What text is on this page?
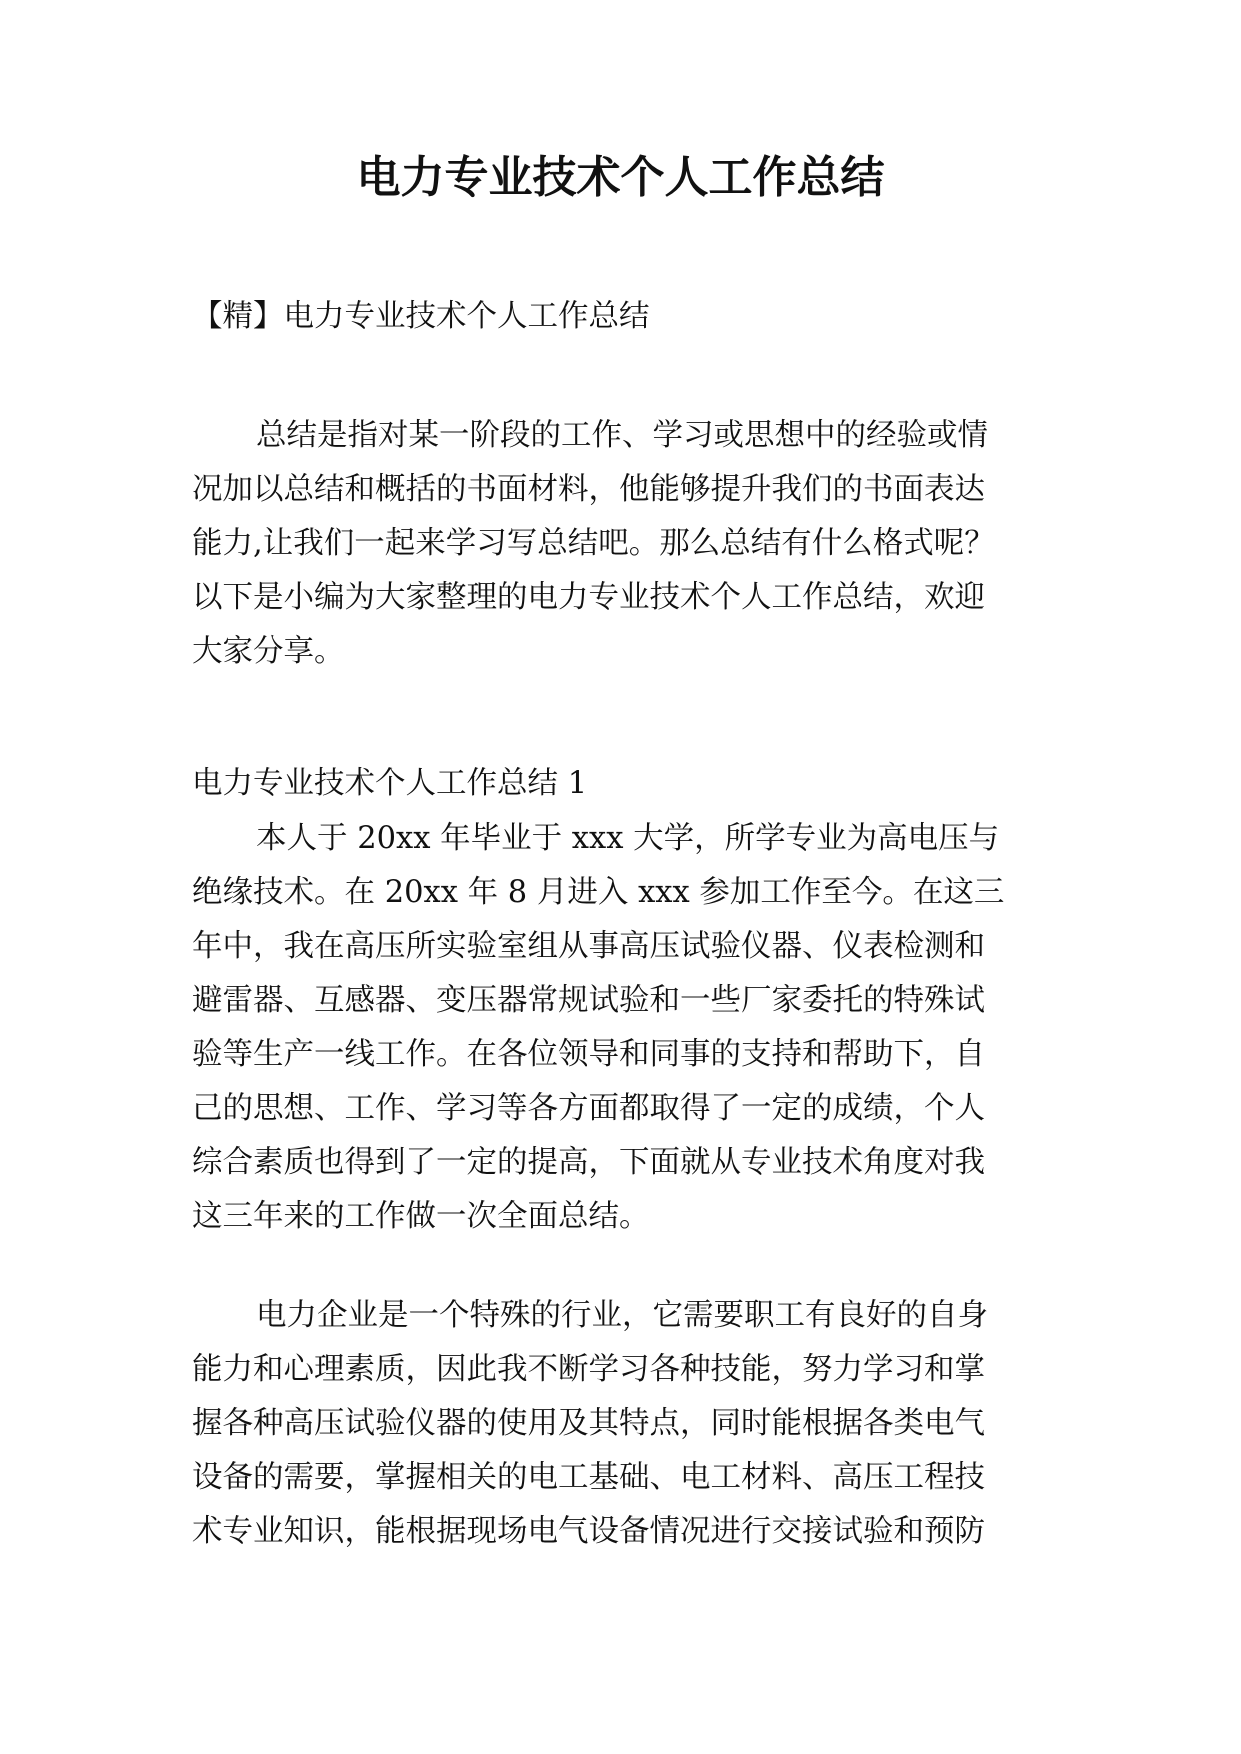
电力专业技术个人工作总结

【精】电力专业技术个人工作总结

总结是指对某一阶段的工作、学习或思想中的经验或情
况加以总结和概括的书面材料，他能够提升我们的书面表达
能力,让我们一起来学习写总结吧。那么总结有什么格式呢？
以下是小编为大家整理的电力专业技术个人工作总结，欢迎
大家分享。

电力专业技术个人工作总结 1

本人于 20xx 年毕业于 xxx 大学，所学专业为高电压与
绝缘技术。在 20xx 年 8 月进入 xxx 参加工作至今。在这三
年中，我在高压所实验室组从事高压试验仪器、仪表检测和
避雷器、互感器、变压器常规试验和一些厂家委托的特殊试
验等生产一线工作。在各位领导和同事的支持和帮助下，自
己的思想、工作、学习等各方面都取得了一定的成绩，个人
综合素质也得到了一定的提高，下面就从专业技术角度对我
这三年来的工作做一次全面总结。
电力企业是一个特殊的行业，它需要职工有良好的自身
能力和心理素质，因此我不断学习各种技能，努力学习和掌
握各种高压试验仪器的使用及其特点，同时能根据各类电气
设备的需要，掌握相关的电工基础、电工材料、高压工程技
术专业知识，能根据现场电气设备情况进行交接试验和预防
